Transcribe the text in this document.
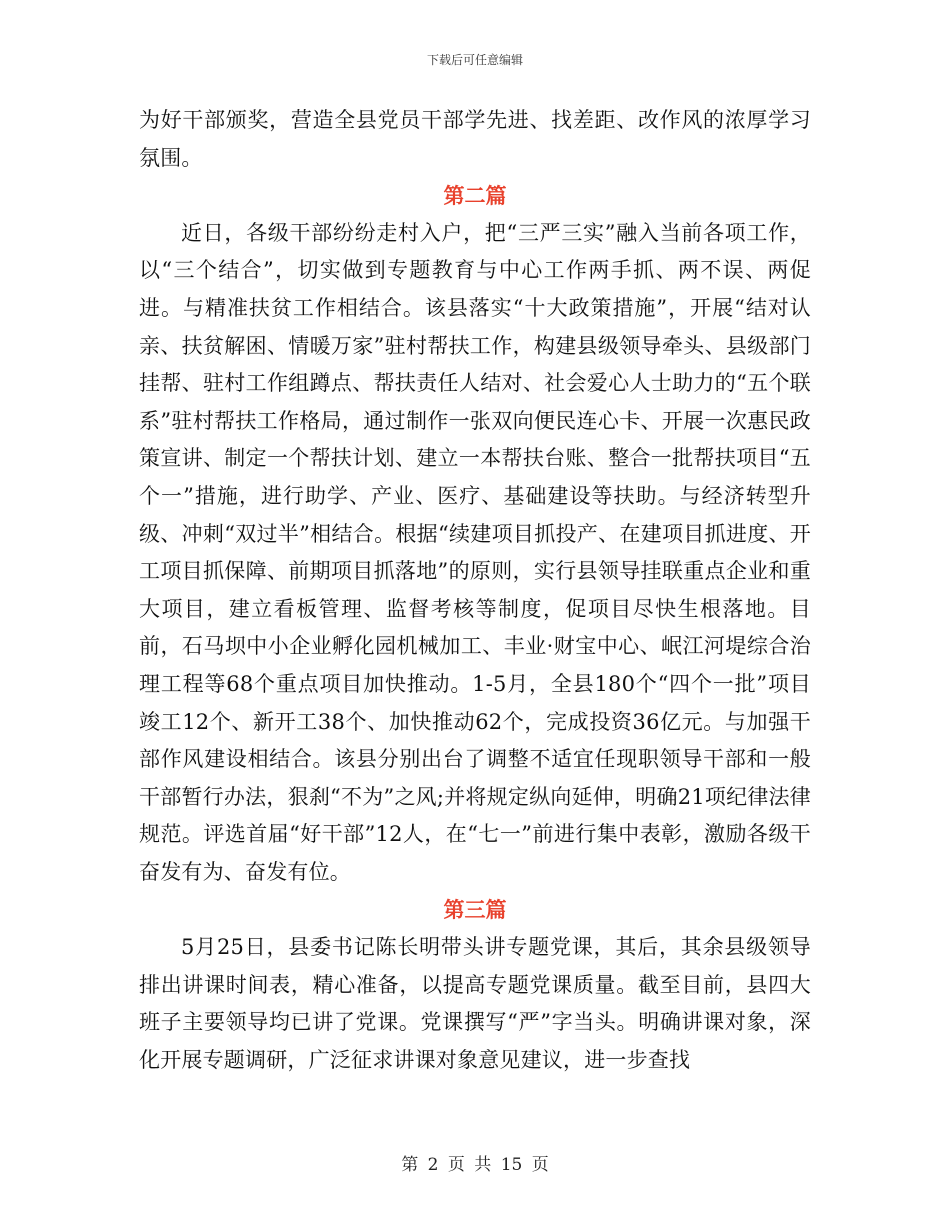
下载后可任意编辑

为好干部颁奖，营造全县党员干部学先进、找差距、改作风的浓厚学习氛围。

第二篇

近日，各级干部纷纷走村入户，把“三严三实”融入当前各项工作，以“三个结合”，切实做到专题教育与中心工作两手抓、两不误、两促进。与精准扶贫工作相结合。该县落实“十大政策措施”，开展“结对认亲、扶贫解困、情暖万家”驻村帮扶工作，构建县级领导牵头、县级部门挂帮、驻村工作组蹲点、帮扶责任人结对、社会爱心人士助力的“五个联系”驻村帮扶工作格局，通过制作一张双向便民连心卡、开展一次惠民政策宣讲、制定一个帮扶计划、建立一本帮扶台账、整合一批帮扶项目“五个一”措施，进行助学、产业、医疗、基础建设等扶助。与经济转型升级、冲刺“双过半”相结合。根据“续建项目抓投产、在建项目抓进度、开工项目抓保障、前期项目抓落地”的原则，实行县领导挂联重点企业和重大项目，建立看板管理、监督考核等制度，促项目尽快生根落地。目前，石马坝中小企业孵化园机械加工、丰业·财宝中心、岷江河堤综合治理工程等68个重点项目加快推动。1-5月，全县180个“四个一批”项目竣工12个、新开工38个、加快推动62个，完成投资36亿元。与加强干部作风建设相结合。该县分别出台了调整不适宜任现职领导干部和一般干部暂行办法，狠刹“不为”之风;并将规定纵向延伸，明确21项纪律法律规范。评选首届“好干部”12人，在“七一”前进行集中表彰，激励各级干奋发有为、奋发有位。

第三篇

5月25日，县委书记陈长明带头讲专题党课，其后，其余县级领导排出讲课时间表，精心准备，以提高专题党课质量。截至目前，县四大班子主要领导均已讲了党课。党课撰写“严”字当头。明确讲课对象，深化开展专题调研，广泛征求讲课对象意见建议，进一步查找

第 2 页 共 15 页
